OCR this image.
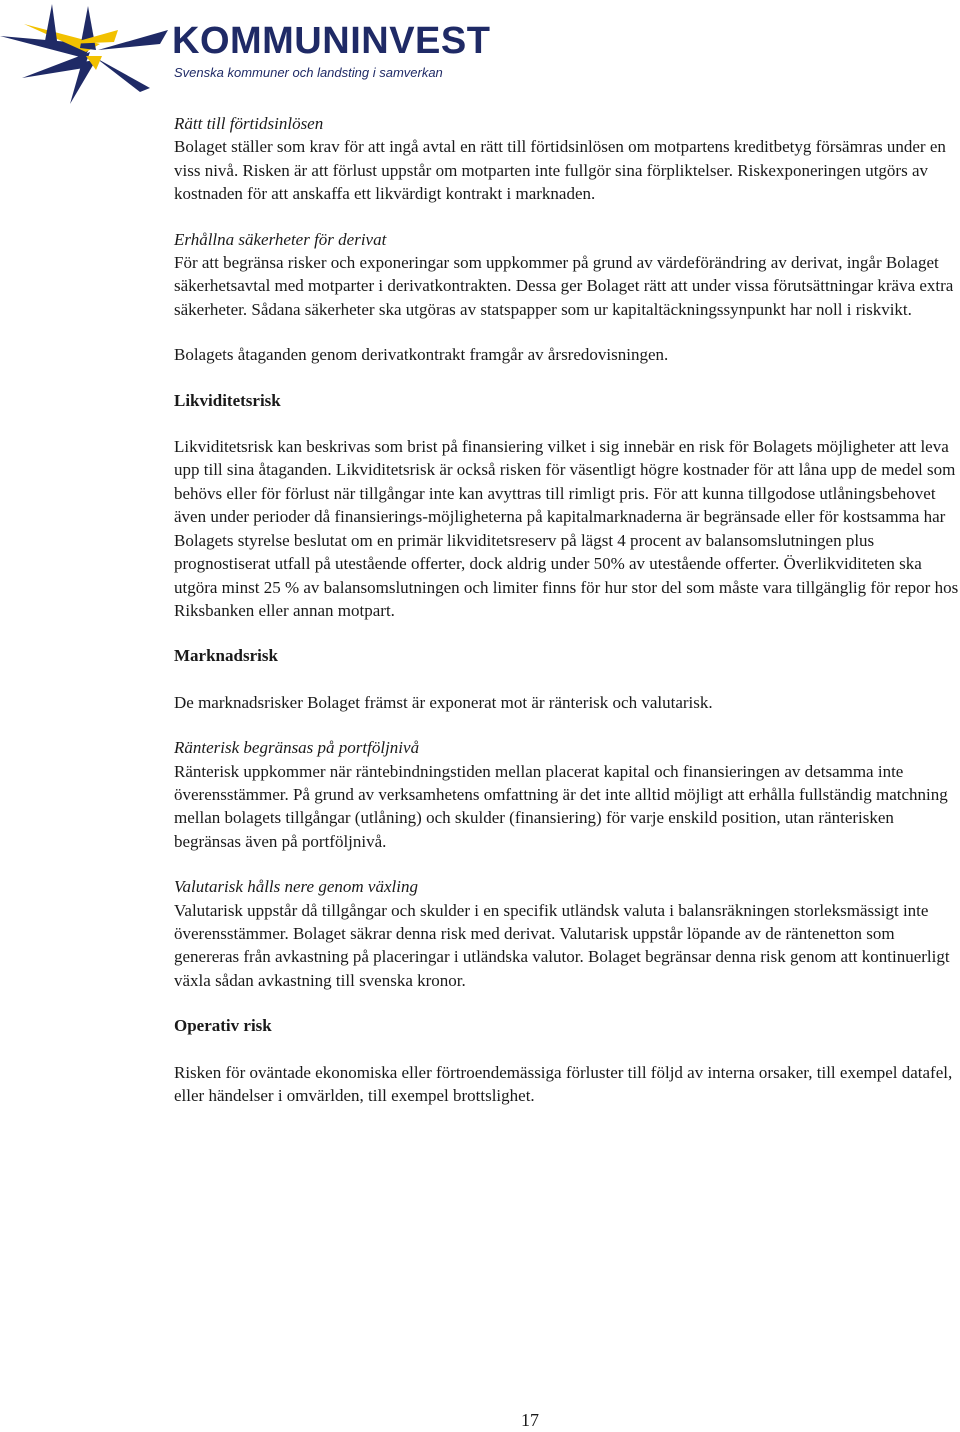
KOMMUNINVEST
Svenska kommuner och landsting i samverkan

Rätt till förtidsinlösen

Bolaget ställer som krav för att ingå avtal en rätt till förtidsinlösen om motpartens kreditbetyg försämras under en viss nivå. Risken är att förlust uppstår om motparten inte fullgör sina förpliktelser. Riskexponeringen utgörs av kostnaden för att anskaffa ett likvärdigt kontrakt i marknaden.

Erhållna säkerheter för derivat

För att begränsa risker och exponeringar som uppkommer på grund av värdeförändring av derivat, ingår Bolaget säkerhetsavtal med motparter i derivatkontrakten. Dessa ger Bolaget rätt att under vissa förutsättningar kräva extra säkerheter. Sådana säkerheter ska utgöras av statspapper som ur kapitaltäckningssynpunkt har noll i riskvikt.

Bolagets åtaganden genom derivatkontrakt framgår av årsredovisningen.

Likviditetsrisk

Likviditetsrisk kan beskrivas som brist på finansiering vilket i sig innebär en risk för Bolagets möjligheter att leva upp till sina åtaganden. Likviditetsrisk är också risken för väsentligt högre kostnader för att låna upp de medel som behövs eller för förlust när tillgångar inte kan avyttras till rimligt pris. För att kunna tillgodose utlåningsbehovet även under perioder då finansierings-möjligheterna på kapitalmarknaderna är begränsade eller för kostsamma har Bolagets styrelse beslutat om en primär likviditetsreserv på lägst 4 procent av balansomslutningen plus prognostiserat utfall på utestående offerter, dock aldrig under 50% av utestående offerter. Överlikviditeten ska utgöra minst 25 % av balansomslutningen och limiter finns för hur stor del som måste vara tillgänglig för repor hos Riksbanken eller annan motpart.

Marknadsrisk

De marknadsrisker Bolaget främst är exponerat mot är ränterisk och valutarisk.

Ränterisk begränsas på portföljnivå

Ränterisk uppkommer när räntebindningstiden mellan placerat kapital och finansieringen av detsamma inte överensstämmer. På grund av verksamhetens omfattning är det inte alltid möjligt att erhålla fullständig matchning mellan bolagets tillgångar (utlåning) och skulder (finansiering) för varje enskild position, utan ränterisken begränsas även på portföljnivå.

Valutarisk hålls nere genom växling

Valutarisk uppstår då tillgångar och skulder i en specifik utländsk valuta i balansräkningen storleksmässigt inte överensstämmer. Bolaget säkrar denna risk med derivat. Valutarisk uppstår löpande av de räntenetton som genereras från avkastning på placeringar i utländska valutor. Bolaget begränsar denna risk genom att kontinuerligt växla sådan avkastning till svenska kronor.

Operativ risk

Risken för oväntade ekonomiska eller förtroendemässiga förluster till följd av interna orsaker, till exempel datafel, eller händelser i omvärlden, till exempel brottslighet.

17
